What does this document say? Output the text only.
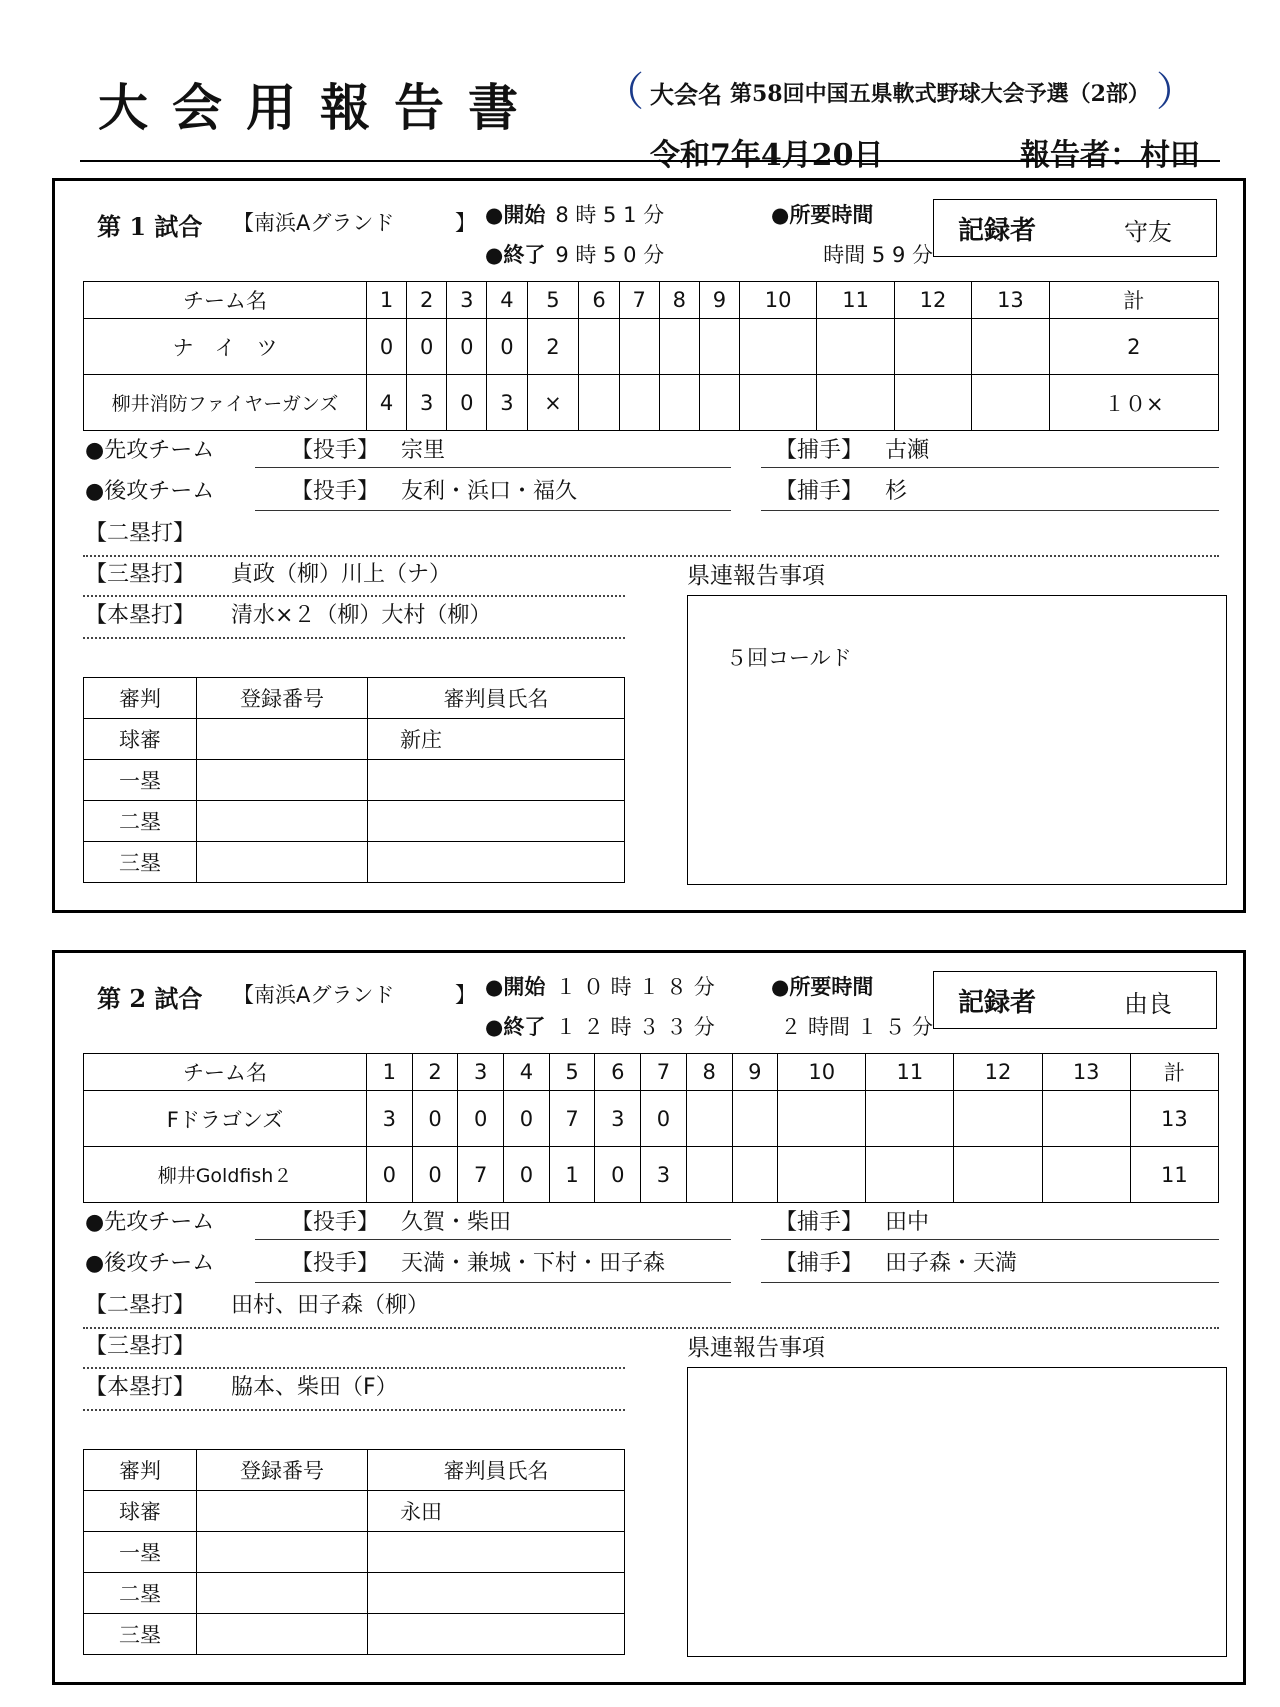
大会用報告書 （ 大会名 第58回中国五県軟式野球大会予選（2部） ）
令和7年4月20日	報告者：村田
第 1 試合 【南浜Aグランド	】 ●開始 8 時 5 1 分
●終了 9 時 5 0 分
●所要時間
時間 5 9 分
記録者	守友
チーム名	1	2	3	4	5	6	7	8	9	10	11	12	13	計
ナ　イ　ツ	0	0	0	0	2									2
柳井消防ファイヤーガンズ	4	3	0	3	×									１０×
●先攻チーム	【投手】 宗里	【捕手】 古瀬
●後攻チーム	【投手】 友利・浜口・福久	【捕手】 杉
【二塁打】
【三塁打】 貞政（柳）川上（ナ）
【本塁打】 清水×２（柳）大村（柳）
県連報告事項
５回コールド
審判	登録番号	審判員氏名
球審		新庄
一塁		
二塁		
三塁		
第 2 試合 【南浜Aグランド	】 ●開始 １ ０ 時 １ ８ 分
●終了 １ ２ 時 ３ ３ 分
●所要時間
２ 時間 １ ５ 分
記録者	由良
チーム名	1	2	3	4	5	6	7	8	9	10	11	12	13	計
Fドラゴンズ	3	0	0	0	7	3	0							13
柳井Goldfish２	0	0	7	0	1	0	3							11
●先攻チーム	【投手】 久賀・柴田	【捕手】 田中
●後攻チーム	【投手】 天満・兼城・下村・田子森	【捕手】 田子森・天満
【二塁打】 田村、田子森（柳）
【三塁打】
【本塁打】 脇本、柴田（F）
県連報告事項
審判	登録番号	審判員氏名
球審		永田
一塁		
二塁		
三塁		
